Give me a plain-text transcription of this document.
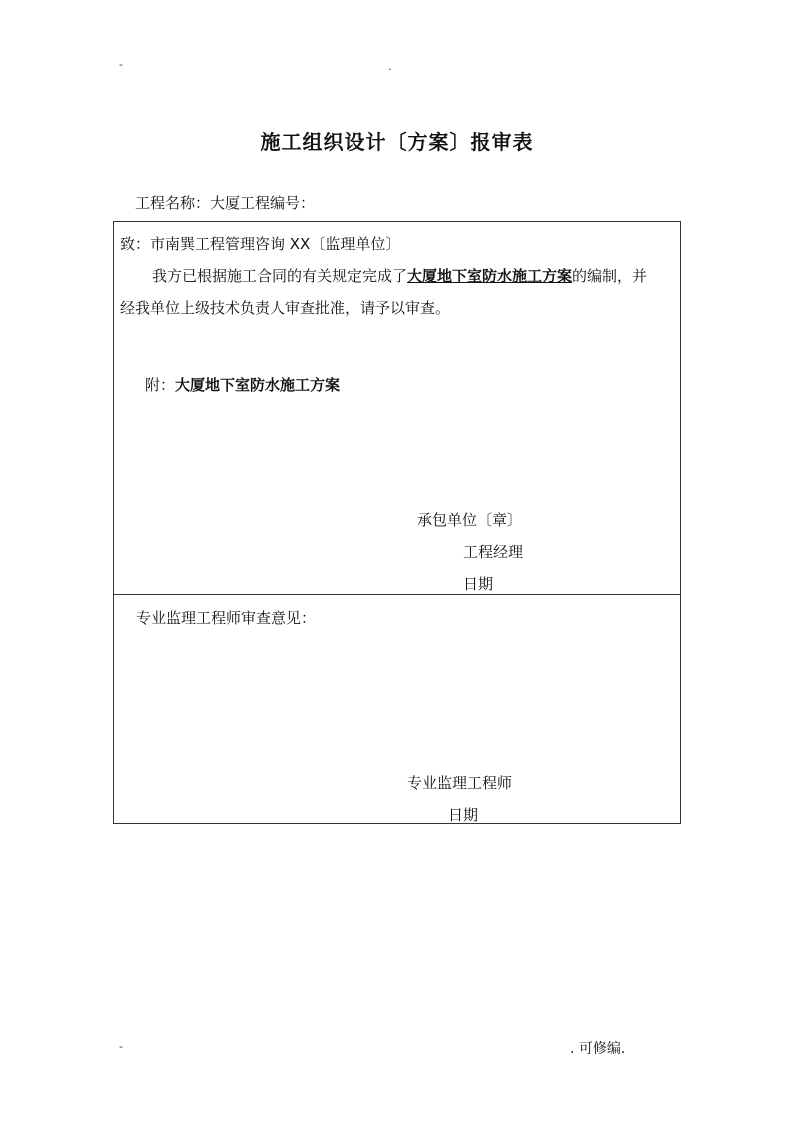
-	.
施工组织设计〔方案〕报审表
工程名称：大厦工程编号：
致：市南巽工程管理咨询 XX〔监理单位〕
我方已根据施工合同的有关规定完成了大厦地下室防水施工方案的编制，并
经我单位上级技术负责人审查批准，请予以审查。
附：大厦地下室防水施工方案
承包单位〔章〕
工程经理
日期
专业监理工程师审查意见：
专业监理工程师
日期
-	. 可修编.
